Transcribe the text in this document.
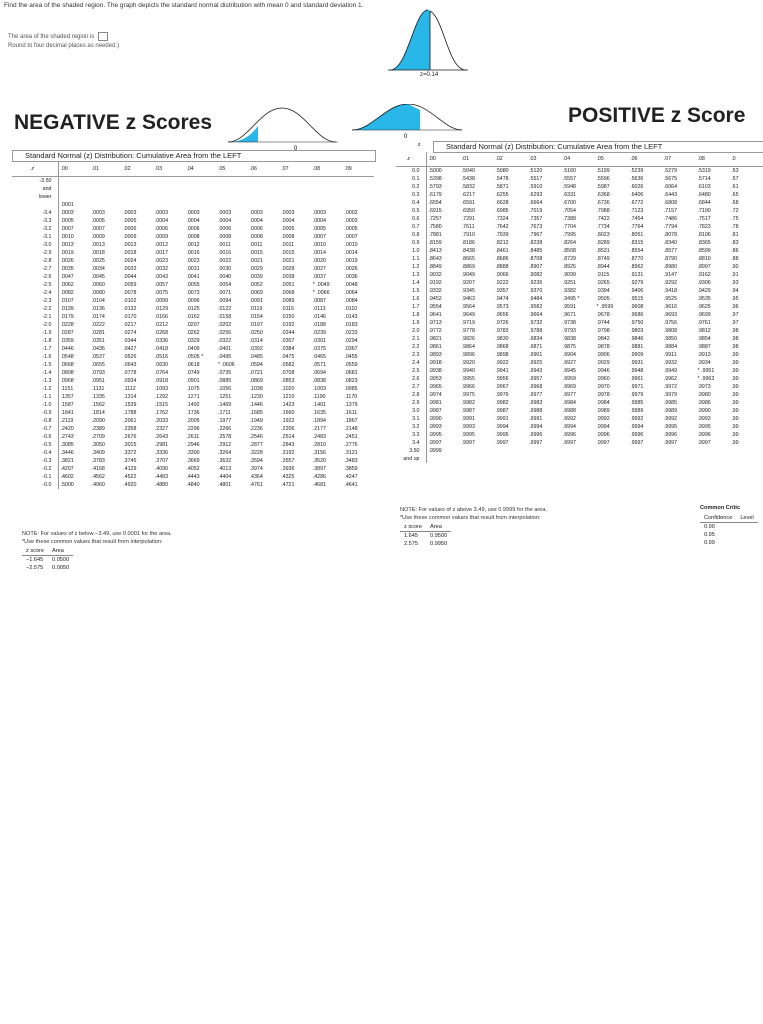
Find the area of the shaded region. The graph depicts the standard normal distribution with mean 0 and standard deviation 1.
The area of the shaded region is
Round to four decimal places as needed.)
z=0.14
NEGATIVE z Scores
0
Standard Normal (z) Distribution: Cumulative Area from the LEFT
z	.00	.01	.02	.03	.04	.05	.06	.07	.08	.09
-3.50										
and										
lower										
	.0001									
-3.4	.0003	.0003	.0003	.0003	.0003	.0003	.0003	.0003	.0003	.0002
-3.3	.0005	.0005	.0005	.0004	.0004	.0004	.0004	.0004	.0004	.0003
-3.2	.0007	.0007	.0006	.0006	.0006	.0006	.0006	.0005	.0005	.0005
-3.1	.0010	.0009	.0009	.0009	.0008	.0008	.0008	.0008	.0007	.0007
-3.0	.0013	.0013	.0013	.0012	.0012	.0011	.0011	.0011	.0010	.0010
-2.9	.0019	.0018	.0018	.0017	.0016	.0016	.0015	.0015	.0014	.0014
-2.8	.0026	.0025	.0024	.0023	.0023	.0022	.0021	.0021	.0020	.0019
-2.7	.0035	.0034	.0033	.0032	.0031	.0030	.0029	.0028	.0027	.0026
-2.6	.0047	.0045	.0044	.0043	.0041	.0040	.0039	.0038	.0037	.0036
-2.5	.0062	.0060	.0059	.0057	.0055	.0054	.0052	.0051	* .0049	.0048
-2.4	.0082	.0080	.0078	.0075	.0073	.0071	.0069	.0068	* .0066	.0064
-2.3	.0107	.0104	.0102	.0099	.0096	.0094	.0091	.0089	.0087	.0084
-2.2	.0139	.0136	.0132	.0129	.0125	.0122	.0119	.0116	.0113	.0110
-2.1	.0179	.0174	.0170	.0166	.0162	.0158	.0154	.0150	.0146	.0143
-2.0	.0228	.0222	.0217	.0212	.0207	.0202	.0197	.0192	.0188	.0183
-1.9	.0287	.0281	.0274	.0268	.0262	.0256	.0250	.0244	.0239	.0233
-1.8	.0359	.0351	.0344	.0336	.0329	.0322	.0314	.0307	.0301	.0294
-1.7	.0446	.0436	.0427	.0418	.0409	.0401	.0392	.0384	.0375	.0367
-1.6	.0548	.0537	.0526	.0516	.0505 *	.0495	.0485	.0475	.0465	.0455
-1.5	.0668	.0655	.0643	.0630	.0618	* .0606	.0594	.0582	.0571	.0559
-1.4	.0808	.0793	.0778	.0764	.0749	.0735	.0721	.0708	.0694	.0681
-1.3	.0968	.0951	.0934	.0918	.0901	.0885	.0869	.0853	.0838	.0823
-1.2	.1151	.1131	.1112	.1093	.1075	.1056	.1038	.1020	.1003	.0985
-1.1	.1357	.1335	.1314	.1292	.1271	.1251	.1230	.1210	.1190	.1170
-1.0	.1587	.1562	.1539	.1515	.1492	.1469	.1446	.1423	.1401	.1379
-0.9	.1841	.1814	.1788	.1762	.1736	.1711	.1685	.1660	.1635	.1611
-0.8	.2119	.2090	.2061	.2033	.2005	.1977	.1949	.1922	.1894	.1867
-0.7	.2420	.2389	.2358	.2327	.2296	.2266	.2236	.2206	.2177	.2148
-0.6	.2743	.2709	.2676	.2643	.2611	.2578	.2546	.2514	.2483	.2451
-0.5	.3085	.3050	.3015	.2981	.2946	.2912	.2877	.2843	.2810	.2776
-0.4	.3446	.3409	.3372	.3336	.3300	.3264	.3228	.3192	.3156	.3121
-0.3	.3821	.3783	.3745	.3707	.3669	.3632	.3594	.3557	.3520	.3483
-0.2	.4207	.4168	.4129	.4090	.4052	.4013	.3974	.3936	.3897	.3859
-0.1	.4602	.4562	.4522	.4483	.4443	.4404	.4364	.4325	.4286	.4247
-0.0	.5000	.4960	.4920	.4880	.4840	.4801	.4761	.4721	.4681	.4641
NOTE: For values of z below −3.49, use 0.0001 for the area.
*Use these common values that result from interpolation:
z score	Area
−1.645	0.0500
−2.575	0.0050
POSITIVE z Score
0
z	Standard Normal (z) Distribution: Cumulative Area from the LEFT
z	.00	.01	.02	.03	.04	.05	.06	.07	.08	.0
0.0	.5000	.5040	.5080	.5120	.5160	.5199	.5239	.5279	.5319	.53
0.1	.5398	.5438	.5478	.5517	.5557	.5596	.5636	.5675	.5714	.57
0.2	.5793	.5832	.5871	.5910	.5948	.5987	.6026	.6064	.6103	.61
0.3	.6179	.6217	.6255	.6293	.6331	.6368	.6406	.6443	.6480	.65
0.4	.6554	.6591	.6628	.6664	.6700	.6736	.6772	.6808	.6844	.68
0.5	.6915	.6950	.6985	.7019	.7054	.7088	.7123	.7157	.7190	.72
0.6	.7257	.7291	.7324	.7357	.7389	.7422	.7454	.7486	.7517	.75
0.7	.7580	.7611	.7642	.7673	.7704	.7734	.7764	.7794	.7823	.78
0.8	.7881	.7910	.7939	.7967	.7995	.8023	.8051	.8078	.8106	.81
0.9	.8159	.8186	.8212	.8238	.8264	.8289	.8315	.8340	.8365	.83
1.0	.8413	.8438	.8461	.8485	.8508	.8531	.8554	.8577	.8599	.86
1.1	.8643	.8665	.8686	.8708	.8729	.8749	.8770	.8790	.8810	.88
1.2	.8849	.8869	.8888	.8907	.8925	.8944	.8962	.8980	.8997	.90
1.3	.9032	.9049	.9066	.9082	.9099	.9115	.9131	.9147	.9162	.91
1.4	.9192	.9207	.9222	.9236	.9251	.9265	.9279	.9292	.9306	.93
1.5	.9332	.9345	.9357	.9370	.9382	.9394	.9406	.9418	.9429	.94
1.6	.9452	.9463	.9474	.9484	.9495 *	.9505	.9515	.9525	.9535	.95
1.7	.9554	.9564	.9573	.9582	.9591	* .9599	.9608	.9616	.9625	.96
1.8	.9641	.9649	.9656	.9664	.9671	.9678	.9686	.9693	.9699	.97
1.9	.9713	.9719	.9726	.9732	.9738	.9744	.9750	.9756	.9761	.97
2.0	.9772	.9778	.9783	.9788	.9793	.9798	.9803	.9808	.9812	.98
2.1	.9821	.9826	.9830	.9834	.9838	.9842	.9846	.9850	.9854	.98
2.2	.9861	.9864	.9868	.9871	.9875	.9878	.9881	.9884	.9887	.98
2.3	.9893	.9896	.9898	.9901	.9904	.9906	.9909	.9911	.9913	.99
2.4	.9918	.9920	.9922	.9925	.9927	.9929	.9931	.9932	.9934	.99
2.5	.9938	.9940	.9941	.9943	.9945	.9946	.9948	.9949	* .9951	.99
2.6	.9953	.9955	.9956	.9957	.9959	.9960	.9961	.9962	* .9963	.99
2.7	.9965	.9966	.9967	.9968	.9969	.9970	.9971	.9972	.9973	.99
2.8	.9974	.9975	.9976	.9977	.9977	.9978	.9979	.9979	.9980	.99
2.9	.9981	.9982	.9982	.9983	.9984	.9984	.9985	.9985	.9986	.99
3.0	.9987	.9987	.9987	.9988	.9988	.9989	.9989	.9989	.9990	.99
3.1	.9990	.9991	.9991	.9991	.9992	.9992	.9992	.9992	.9993	.99
3.2	.9993	.9993	.9994	.9994	.9994	.9994	.9994	.9995	.9995	.99
3.3	.9995	.9995	.9995	.9996	.9996	.9996	.9996	.9996	.9996	.99
3.4	.9997	.9997	.9997	.9997	.9997	.9997	.9997	.9997	.9997	.99
3.50	.9999									
and up										
NOTE: For values of z above 3.49, use 0.9999 for the area.
*Use these common values that result from interpolation:
z score	Area
1.645	0.9500
2.575	0.9950
Common Critic
Confidence	Level
0.90
0.95
0.99
